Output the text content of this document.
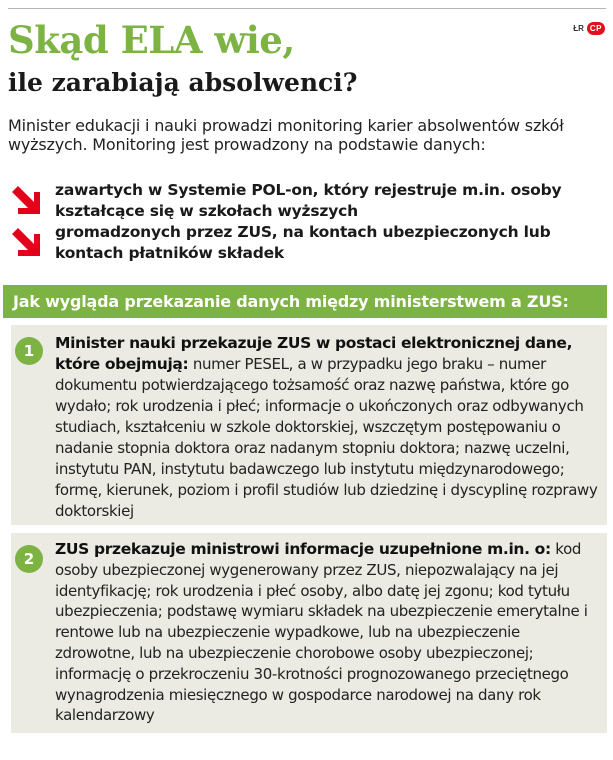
ŁR CP
Skąd ELA wie,
ile zarabiają absolwenci?
Minister edukacji i nauki prowadzi monitoring karier absolwentów szkół wyższych. Monitoring jest prowadzony na podstawie danych:
zawartych w Systemie POL-on, który rejestruje m.in. osoby kształcące się w szkołach wyższych
gromadzonych przez ZUS, na kontach ubezpieczonych lub kontach płatników składek
Jak wygląda przekazanie danych między ministerstwem a ZUS:
1	Minister nauki przekazuje ZUS w postaci elektronicznej dane, które obejmują: numer PESEL, a w przypadku jego braku – numer dokumentu potwierdzającego tożsamość oraz nazwę państwa, które go wydało; rok urodzenia i płeć; informacje o ukończonych oraz odbywanych studiach, kształceniu w szkole doktorskiej, wszczętym postępowaniu o nadanie stopnia doktora oraz nadanym stopniu doktora; nazwę uczelni, instytutu PAN, instytutu badawczego lub instytutu międzynarodowego; formę, kierunek, poziom i profil studiów lub dziedzinę i dyscyplinę rozprawy doktorskiej
2
ZUS przekazuje ministrowi informacje uzupełnione m.in. o: kod osoby ubezpieczonej wygenerowany przez ZUS, niepozwalający na jej identyfikację; rok urodzenia i płeć osoby, albo datę jej zgonu; kod tytułu ubezpieczenia; podstawę wymiaru składek na ubezpieczenie emerytalne i rentowe lub na ubezpieczenie wypadkowe, lub na ubezpieczenie zdrowotne, lub na ubezpieczenie chorobowe osoby ubezpieczonej; informację o przekroczeniu 30-krotności prognozowanego przeciętnego wynagrodzenia miesięcznego w gospodarce narodowej na dany rok kalendarzowy
